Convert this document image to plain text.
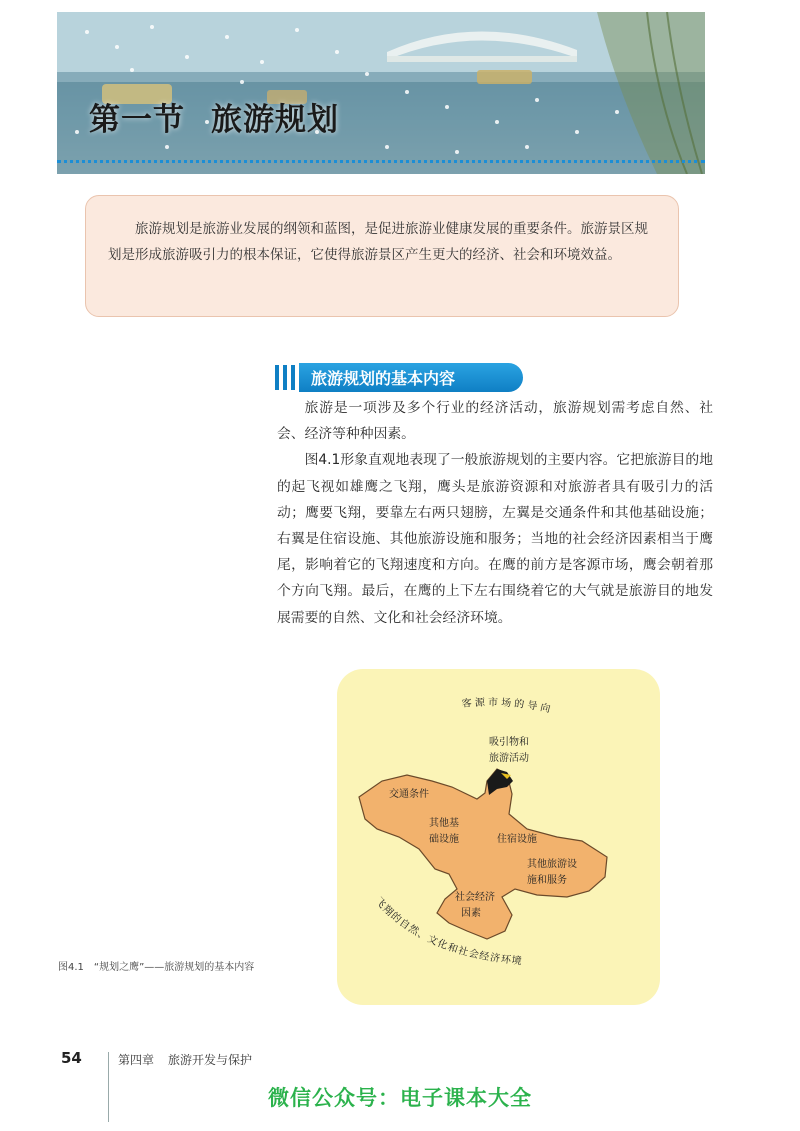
第一节 旅游规划

旅游规划是旅游业发展的纲领和蓝图，是促进旅游业健康发展的重要条件。旅游景区规划是形成旅游吸引力的根本保证，它使得旅游景区产生更大的经济、社会和环境效益。

旅游规划的基本内容

旅游是一项涉及多个行业的经济活动，旅游规划需考虑自然、社会、经济等种种因素。

图4.1形象直观地表现了一般旅游规划的主要内容。它把旅游目的地的起飞视如雄鹰之飞翔，鹰头是旅游资源和对旅游者具有吸引力的活动；鹰要飞翔，要靠左右两只翅膀，左翼是交通条件和其他基础设施；右翼是住宿设施、其他旅游设施和服务；当地的社会经济因素相当于鹰尾，影响着它的飞翔速度和方向。在鹰的前方是客源市场，鹰会朝着那个方向飞翔。最后，在鹰的上下左右围绕着它的大气就是旅游目的地发展需要的自然、文化和社会经济环境。

客源市场的导向
飞翔的自然、文化和社会经济环境
吸引物和
旅游活动
交通条件
其他基
础设施	住宿设施
其他旅游设
施和服务
社会经济
因素
图4.1 “规划之鹰”——旅游规划的基本内容
54	第四章 旅游开发与保护
微信公众号：电子课本大全
